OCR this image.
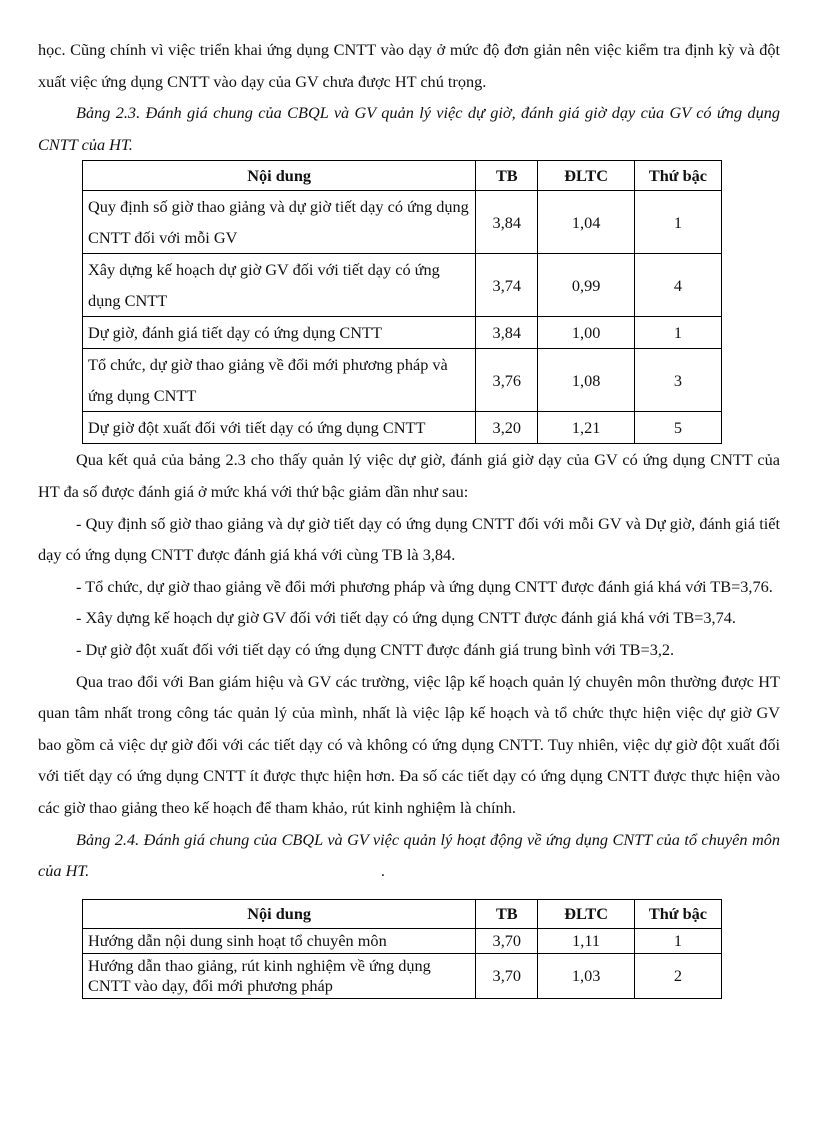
học. Cũng chính vì việc triển khai ứng dụng CNTT vào dạy ở mức độ đơn giản nên việc kiểm tra định kỳ và đột xuất việc ứng dụng CNTT vào dạy của GV chưa được HT chú trọng.

Bảng 2.3. Đánh giá chung của CBQL và GV quản lý việc dự giờ, đánh giá giờ dạy của GV có ứng dụng CNTT của HT.

Nội dung	TB	ĐLTC	Thứ bậc
Quy định số giờ thao giảng và dự giờ tiết dạy có ứng dụng CNTT đối với mỗi GV	3,84	1,04	1
Xây dựng kế hoạch dự giờ GV đối với tiết dạy có ứng dụng CNTT	3,74	0,99	4
Dự giờ, đánh giá tiết dạy có ứng dụng CNTT	3,84	1,00	1
Tổ chức, dự giờ thao giảng về đổi mới phương pháp và ứng dụng CNTT	3,76	1,08	3
Dự giờ đột xuất đối với tiết dạy có ứng dụng CNTT	3,20	1,21	5

Qua kết quả của bảng 2.3 cho thấy quản lý việc dự giờ, đánh giá giờ dạy của GV có ứng dụng CNTT của HT đa số được đánh giá ở mức khá với thứ bậc giảm dần như sau:

- Quy định số giờ thao giảng và dự giờ tiết dạy có ứng dụng CNTT đối với mỗi GV và Dự giờ, đánh giá tiết dạy có ứng dụng CNTT được đánh giá khá với cùng TB là 3,84.

- Tổ chức, dự giờ thao giảng về đổi mới phương pháp và ứng dụng CNTT được đánh giá khá với TB=3,76.

- Xây dựng kế hoạch dự giờ GV đối với tiết dạy có ứng dụng CNTT được đánh giá khá với TB=3,74.

- Dự giờ đột xuất đối với tiết dạy có ứng dụng CNTT được đánh giá trung bình với TB=3,2.

Qua trao đổi với Ban giám hiệu và GV các trường, việc lập kế hoạch quản lý chuyên môn thường được HT quan tâm nhất trong công tác quản lý của mình, nhất là việc lập kế hoạch và tổ chức thực hiện việc dự giờ GV bao gồm cả việc dự giờ đối với các tiết dạy có và không có ứng dụng CNTT. Tuy nhiên, việc dự giờ đột xuất đối với tiết dạy có ứng dụng CNTT ít được thực hiện hơn. Đa số các tiết dạy có ứng dụng CNTT được thực hiện vào các giờ thao giảng theo kế hoạch để tham khảo, rút kinh nghiệm là chính.

Bảng 2.4. Đánh giá chung của CBQL và GV việc quản lý hoạt động về ứng dụng CNTT của tổ chuyên môn của HT.	.

Nội dung	TB	ĐLTC	Thứ bậc
Hướng dẫn nội dung sinh hoạt tổ chuyên môn	3,70	1,11	1
Hướng dẫn thao giảng, rút kinh nghiệm về ứng dụng CNTT vào dạy, đổi mới phương pháp	3,70	1,03	2
